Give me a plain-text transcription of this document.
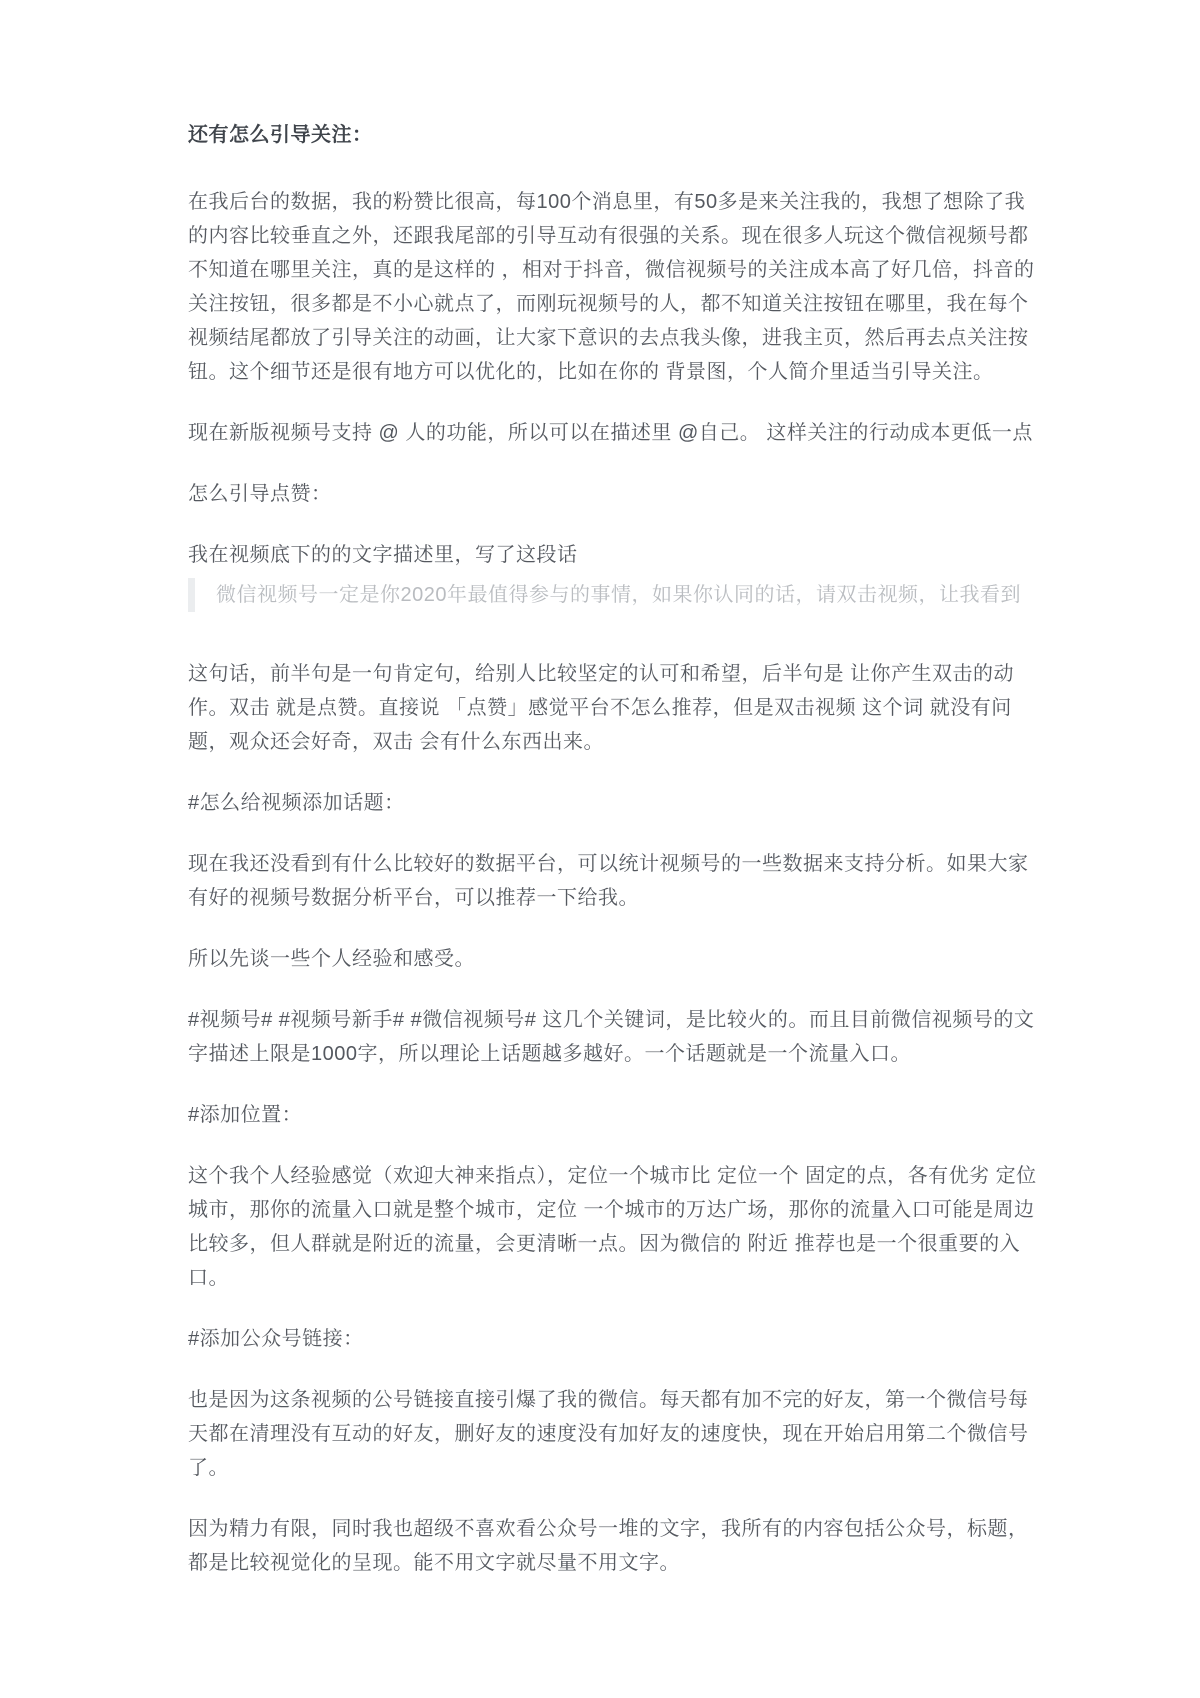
还有怎么引导关注：
在我后台的数据，我的粉赞比很高，每100个消息里，有50多是来关注我的，我想了想除了我的内容比较垂直之外，还跟我尾部的引导互动有很强的关系。现在很多人玩这个微信视频号都不知道在哪里关注，真的是这样的 ，相对于抖音，微信视频号的关注成本高了好几倍，抖音的关注按钮，很多都是不小心就点了，而刚玩视频号的人，都不知道关注按钮在哪里，我在每个视频结尾都放了引导关注的动画，让大家下意识的去点我头像，进我主页，然后再去点关注按钮。这个细节还是很有地方可以优化的，比如在你的 背景图，个人简介里适当引导关注。
现在新版视频号支持 @ 人的功能，所以可以在描述里 @自己。 这样关注的行动成本更低一点
怎么引导点赞：
我在视频底下的的文字描述里，写了这段话
微信视频号一定是你2020年最值得参与的事情，如果你认同的话，请双击视频，让我看到
这句话，前半句是一句肯定句，给别人比较坚定的认可和希望，后半句是 让你产生双击的动作。双击 就是点赞。直接说 「点赞」感觉平台不怎么推荐，但是双击视频 这个词 就没有问题，观众还会好奇，双击 会有什么东西出来。
#怎么给视频添加话题：
现在我还没看到有什么比较好的数据平台，可以统计视频号的一些数据来支持分析。如果大家有好的视频号数据分析平台，可以推荐一下给我。
所以先谈一些个人经验和感受。
#视频号# #视频号新手# #微信视频号# 这几个关键词，是比较火的。而且目前微信视频号的文字描述上限是1000字，所以理论上话题越多越好。一个话题就是一个流量入口。
#添加位置：
这个我个人经验感觉（欢迎大神来指点），定位一个城市比 定位一个 固定的点，各有优劣 定位城市，那你的流量入口就是整个城市，定位 一个城市的万达广场，那你的流量入口可能是周边比较多，但人群就是附近的流量，会更清晰一点。因为微信的 附近 推荐也是一个很重要的入口。
#添加公众号链接：
也是因为这条视频的公号链接直接引爆了我的微信。每天都有加不完的好友，第一个微信号每天都在清理没有互动的好友，删好友的速度没有加好友的速度快，现在开始启用第二个微信号了。
因为精力有限，同时我也超级不喜欢看公众号一堆的文字，我所有的内容包括公众号，标题，都是比较视觉化的呈现。能不用文字就尽量不用文字。
